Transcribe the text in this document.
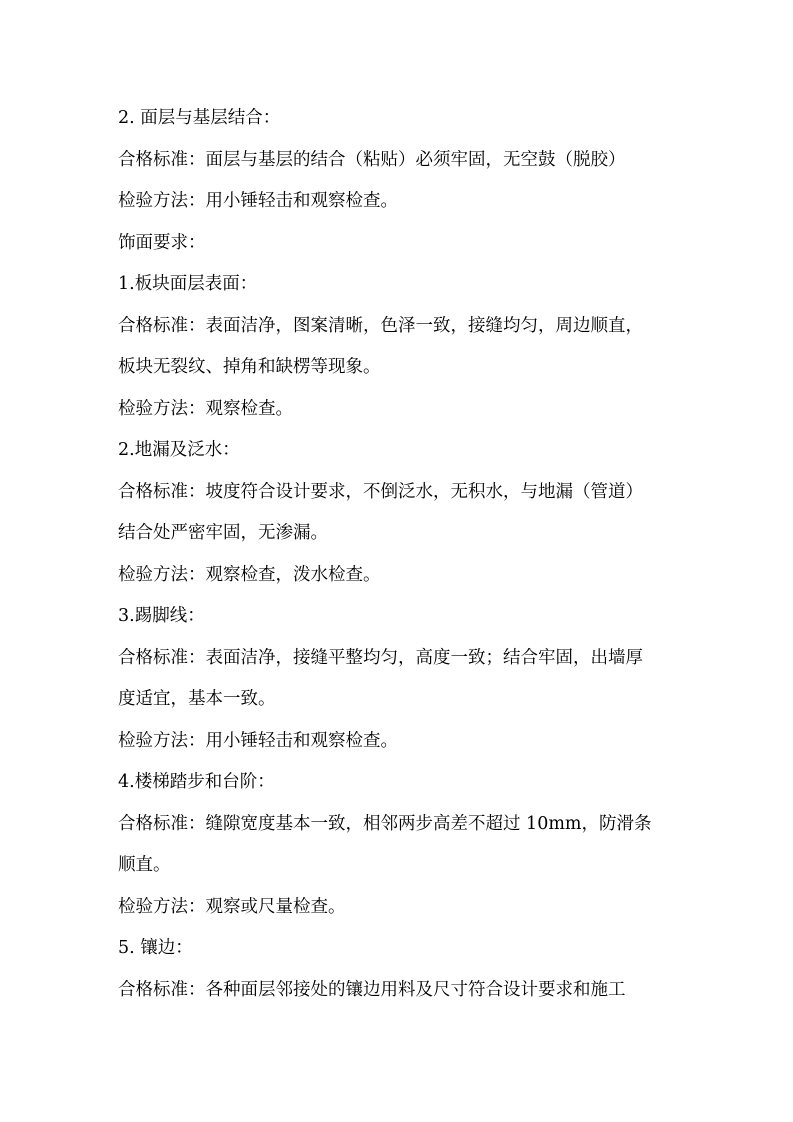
2. 面层与基层结合：
合格标准：面层与基层的结合（粘贴）必须牢固，无空鼓（脱胶）
检验方法：用小锤轻击和观察检查。
饰面要求：
1.板块面层表面：
合格标准：表面洁净，图案清晰，色泽一致，接缝均匀，周边顺直，
板块无裂纹、掉角和缺楞等现象。
检验方法：观察检查。
2.地漏及泛水：
合格标准：坡度符合设计要求，不倒泛水，无积水，与地漏（管道）
结合处严密牢固，无渗漏。
检验方法：观察检查，泼水检查。
3.踢脚线：
合格标准：表面洁净，接缝平整均匀，高度一致；结合牢固，出墙厚
度适宜，基本一致。
检验方法：用小锤轻击和观察检查。
4.楼梯踏步和台阶：
合格标准：缝隙宽度基本一致，相邻两步高差不超过 10mm，防滑条
顺直。
检验方法：观察或尺量检查。
5. 镶边：
合格标准：各种面层邻接处的镶边用料及尺寸符合设计要求和施工
